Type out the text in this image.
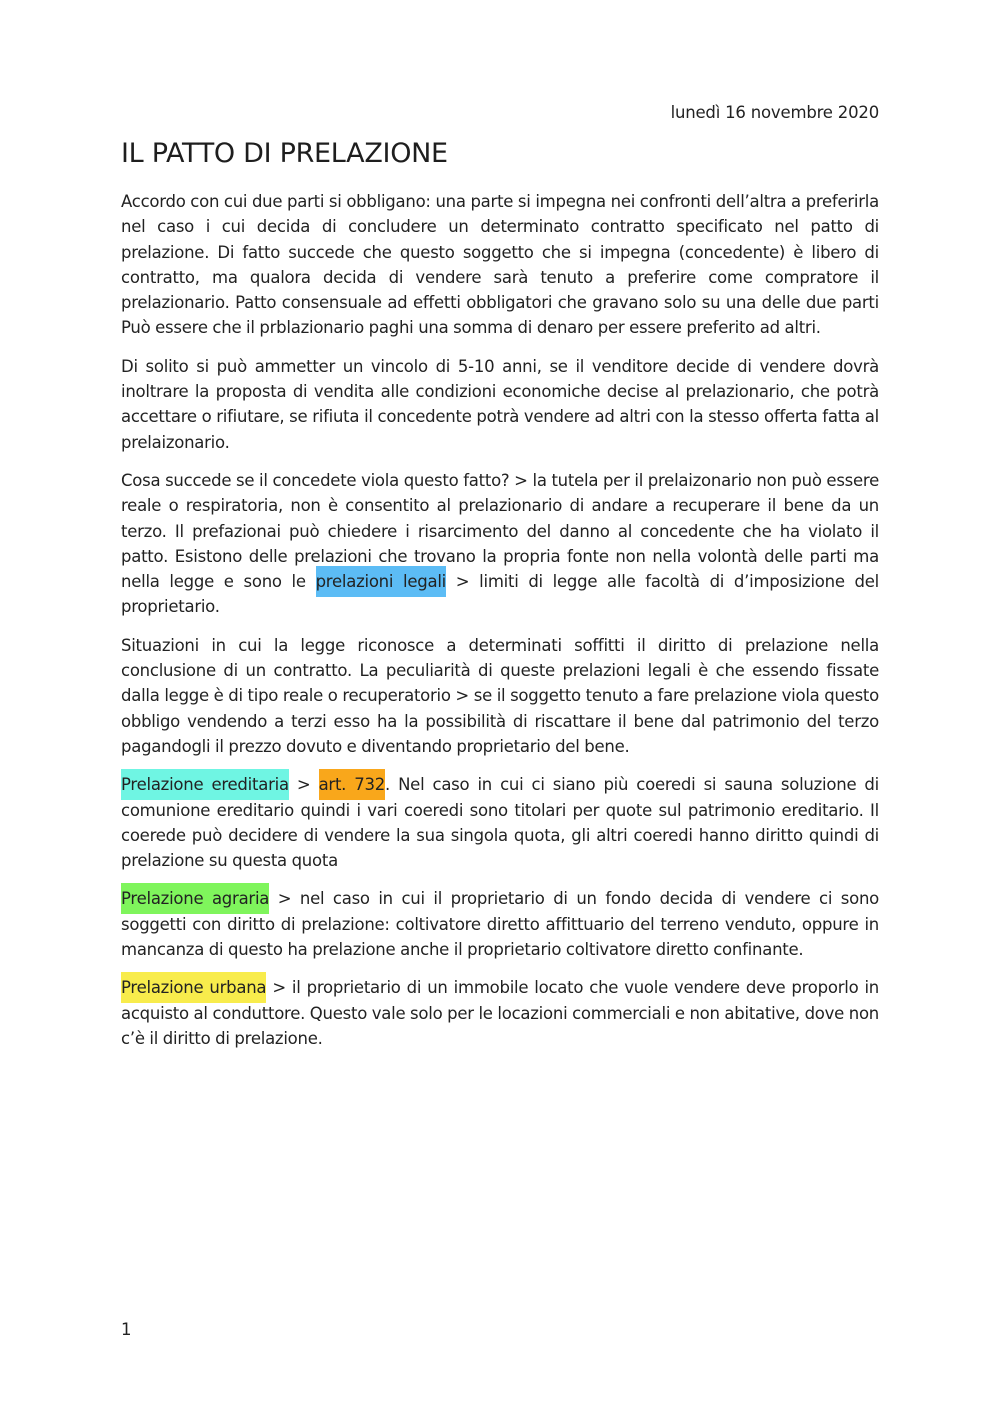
lunedì 16 novembre 2020
IL PATTO DI PRELAZIONE

Accordo con cui due parti si obbligano: una parte si impegna nei confronti dell’altra a preferirla nel caso i cui decida di concludere un determinato contratto specificato nel patto di prelazione. Di fatto succede che questo soggetto che si impegna (concedente) è libero di contratto, ma qualora decida di vendere sarà tenuto a preferire come compratore il prelazionario. Patto consensuale ad effetti obbligatori che gravano solo su una delle due parti Può essere che il prblazionario paghi una somma di denaro per essere preferito ad altri.

Di solito si può ammetter un vincolo di 5-10 anni, se il venditore decide di vendere dovrà inoltrare la proposta di vendita alle condizioni economiche decise al prelazionario, che potrà accettare o rifiutare, se rifiuta il concedente potrà vendere ad altri con la stesso offerta fatta al prelaizonario.

Cosa succede se il concedete viola questo fatto? > la tutela per il prelaizonario non può essere reale o respiratoria, non è consentito al prelazionario di andare a recuperare il bene da un terzo. Il prefazionai può chiedere i risarcimento del danno al concedente che ha violato il patto. Esistono delle prelazioni che trovano la propria fonte non nella volontà delle parti ma nella legge e sono le prelazioni legali > limiti di legge alle facoltà di d’imposizione del proprietario.

Situazioni in cui la legge riconosce a determinati soffitti il diritto di prelazione nella conclusione di un contratto. La peculiarità di queste prelazioni legali è che essendo fissate dalla legge è di tipo reale o recuperatorio > se il soggetto tenuto a fare prelazione viola questo obbligo vendendo a terzi esso ha la possibilità di riscattare il bene dal patrimonio del terzo pagandogli il prezzo dovuto e diventando proprietario del bene.

Prelazione ereditaria > art. 732. Nel caso in cui ci siano più coeredi si sauna soluzione di comunione ereditario quindi i vari coeredi sono titolari per quote sul patrimonio ereditario. Il coerede può decidere di vendere la sua singola quota, gli altri coeredi hanno diritto quindi di prelazione su questa quota

Prelazione agraria > nel caso in cui il proprietario di un fondo decida di vendere ci sono soggetti con diritto di prelazione: coltivatore diretto affittuario del terreno venduto, oppure in mancanza di questo ha prelazione anche il proprietario coltivatore diretto confinante.

Prelazione urbana > il proprietario di un immobile locato che vuole vendere deve proporlo in acquisto al conduttore. Questo vale solo per le locazioni commerciali e non abitative, dove non c’è il diritto di prelazione.

1
